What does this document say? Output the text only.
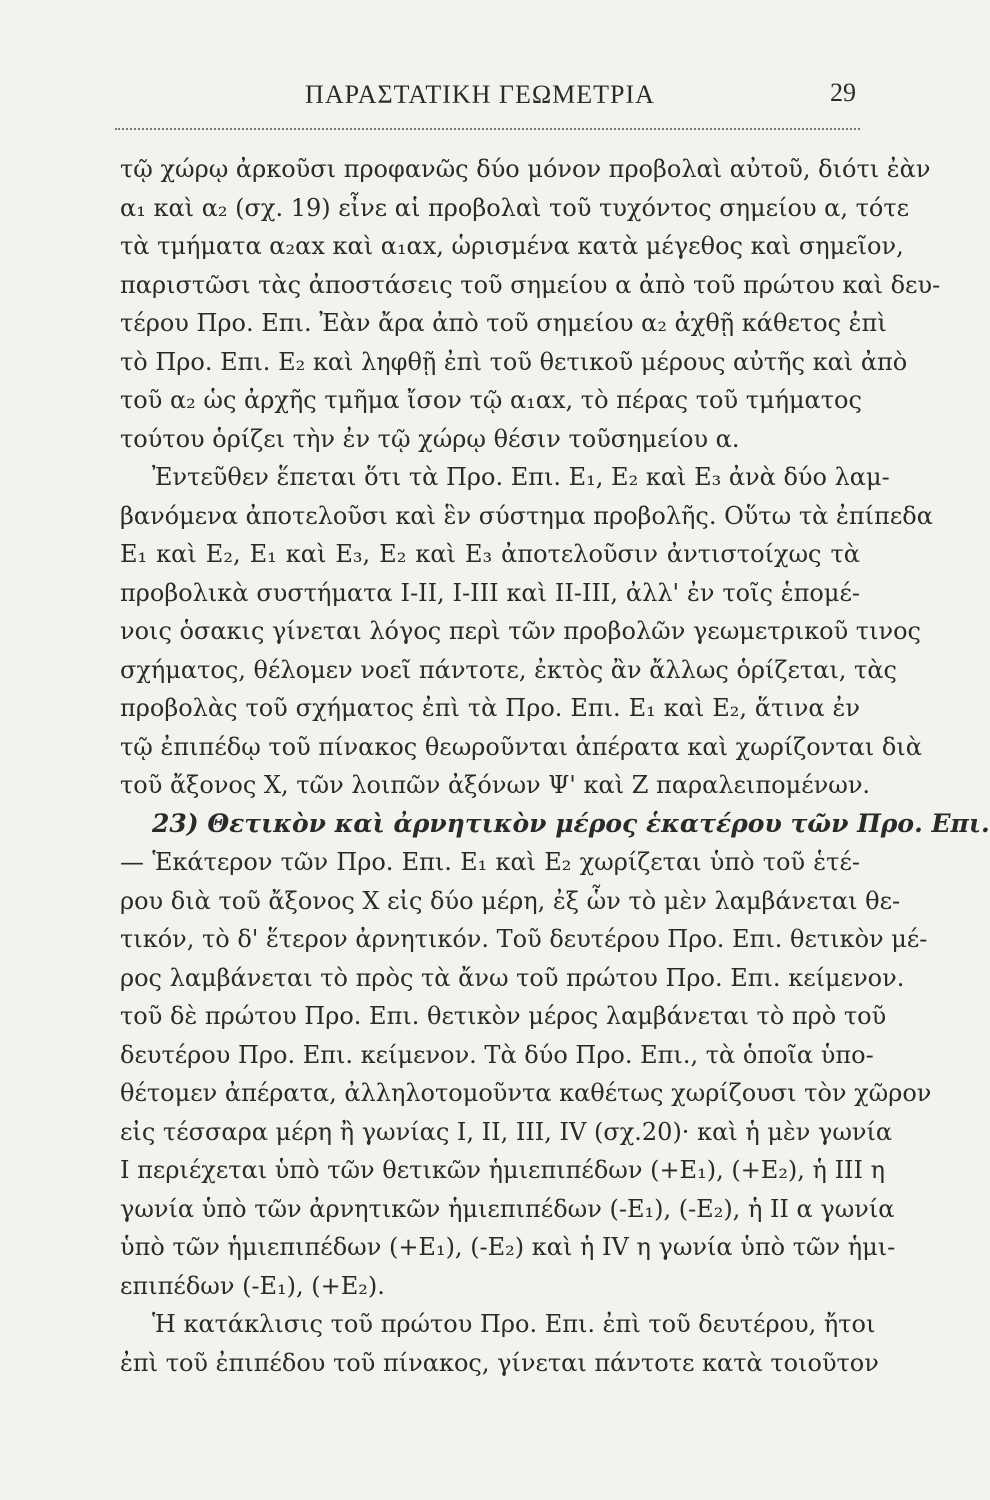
ΠΑΡΑΣΤΑΤΙΚΗ ΓΕΩΜΕΤΡΙΑ	29
τῷ χώρῳ ἀρκοῦσι προφανῶς δύο μόνον προβολαὶ αὐτοῦ, διότι ἐὰν
α₁ καὶ α₂ (σχ. 19) εἶνε αἱ προβολαὶ τοῦ τυχόντος σημείου α, τότε
τὰ τμήματα α₂αx καὶ α₁αx, ὡρισμένα κατὰ μέγεθος καὶ σημεῖον,
παριστῶσι τὰς ἀποστάσεις τοῦ σημείου α ἀπὸ τοῦ πρώτου καὶ δευ-
τέρου Προ. Επι. Ἐὰν ἄρα ἀπὸ τοῦ σημείου α₂ ἀχθῇ κάθετος ἐπὶ
τὸ Προ. Επι. Ε₂ καὶ ληφθῇ ἐπὶ τοῦ θετικοῦ μέρους αὐτῆς καὶ ἀπὸ
τοῦ α₂ ὡς ἀρχῆς τμῆμα ἴσον τῷ α₁αx, τὸ πέρας τοῦ τμήματος
τούτου ὁρίζει τὴν ἐν τῷ χώρῳ θέσιν τοῦσημείου α.
Ἐντεῦθεν ἕπεται ὅτι τὰ Προ. Επι. Ε₁, Ε₂ καὶ Ε₃ ἀνὰ δύο λαμ-
βανόμενα ἀποτελοῦσι καὶ ἓν σύστημα προβολῆς. Οὕτω τὰ ἐπίπεδα
Ε₁ καὶ Ε₂, Ε₁ καὶ Ε₃, Ε₂ καὶ Ε₃ ἀποτελοῦσιν ἀντιστοίχως τὰ
προβολικὰ συστήματα I-II, I-III καὶ II-III, ἀλλ' ἐν τοῖς ἑπομέ-
νοις ὁσακις γίνεται λόγος περὶ τῶν προβολῶν γεωμετρικοῦ τινος
σχήματος, θέλομεν νοεῖ πάντοτε, ἐκτὸς ἂν ἄλλως ὁρίζεται, τὰς
προβολὰς τοῦ σχήματος ἐπὶ τὰ Προ. Επι. Ε₁ καὶ Ε₂, ἅτινα ἐν
τῷ ἐπιπέδῳ τοῦ πίνακος θεωροῦνται ἀπέρατα καὶ χωρίζονται διὰ
τοῦ ἄξονος Χ, τῶν λοιπῶν ἀξόνων Ψ' καὶ Ζ παραλειπομένων.
23) Θετικὸν καὶ ἀρνητικὸν μέρος ἑκατέρου τῶν Προ. Επι.
— Ἑκάτερον τῶν Προ. Επι. Ε₁ καὶ Ε₂ χωρίζεται ὑπὸ τοῦ ἑτέ-
ρου διὰ τοῦ ἄξονος Χ εἰς δύο μέρη, ἐξ ὧν τὸ μὲν λαμβάνεται θε-
τικόν, τὸ δ' ἕτερον ἀρνητικόν. Τοῦ δευτέρου Προ. Επι. θετικὸν μέ-
ρος λαμβάνεται τὸ πρὸς τὰ ἄνω τοῦ πρώτου Προ. Επι. κείμενον.
τοῦ δὲ πρώτου Προ. Επι. θετικὸν μέρος λαμβάνεται τὸ πρὸ τοῦ
δευτέρου Προ. Επι. κείμενον. Τὰ δύο Προ. Επι., τὰ ὁποῖα ὑπο-
θέτομεν ἀπέρατα, ἀλληλοτομοῦντα καθέτως χωρίζουσι τὸν χῶρον
εἰς τέσσαρα μέρη ἢ γωνίας I, II, III, IV (σχ.20)· καὶ ἡ μὲν γωνία
I περιέχεται ὑπὸ τῶν θετικῶν ἡμιεπιπέδων (+Ε₁), (+Ε₂), ἡ III η
γωνία ὑπὸ τῶν ἀρνητικῶν ἡμιεπιπέδων (-Ε₁), (-Ε₂), ἡ II α γωνία
ὑπὸ τῶν ἡμιεπιπέδων (+Ε₁), (-Ε₂) καὶ ἡ IV η γωνία ὑπὸ τῶν ἡμι-
επιπέδων (-Ε₁), (+Ε₂).
Ἡ κατάκλισις τοῦ πρώτου Προ. Επι. ἐπὶ τοῦ δευτέρου, ἤτοι
ἐπὶ τοῦ ἐπιπέδου τοῦ πίνακος, γίνεται πάντοτε κατὰ τοιοῦτον
